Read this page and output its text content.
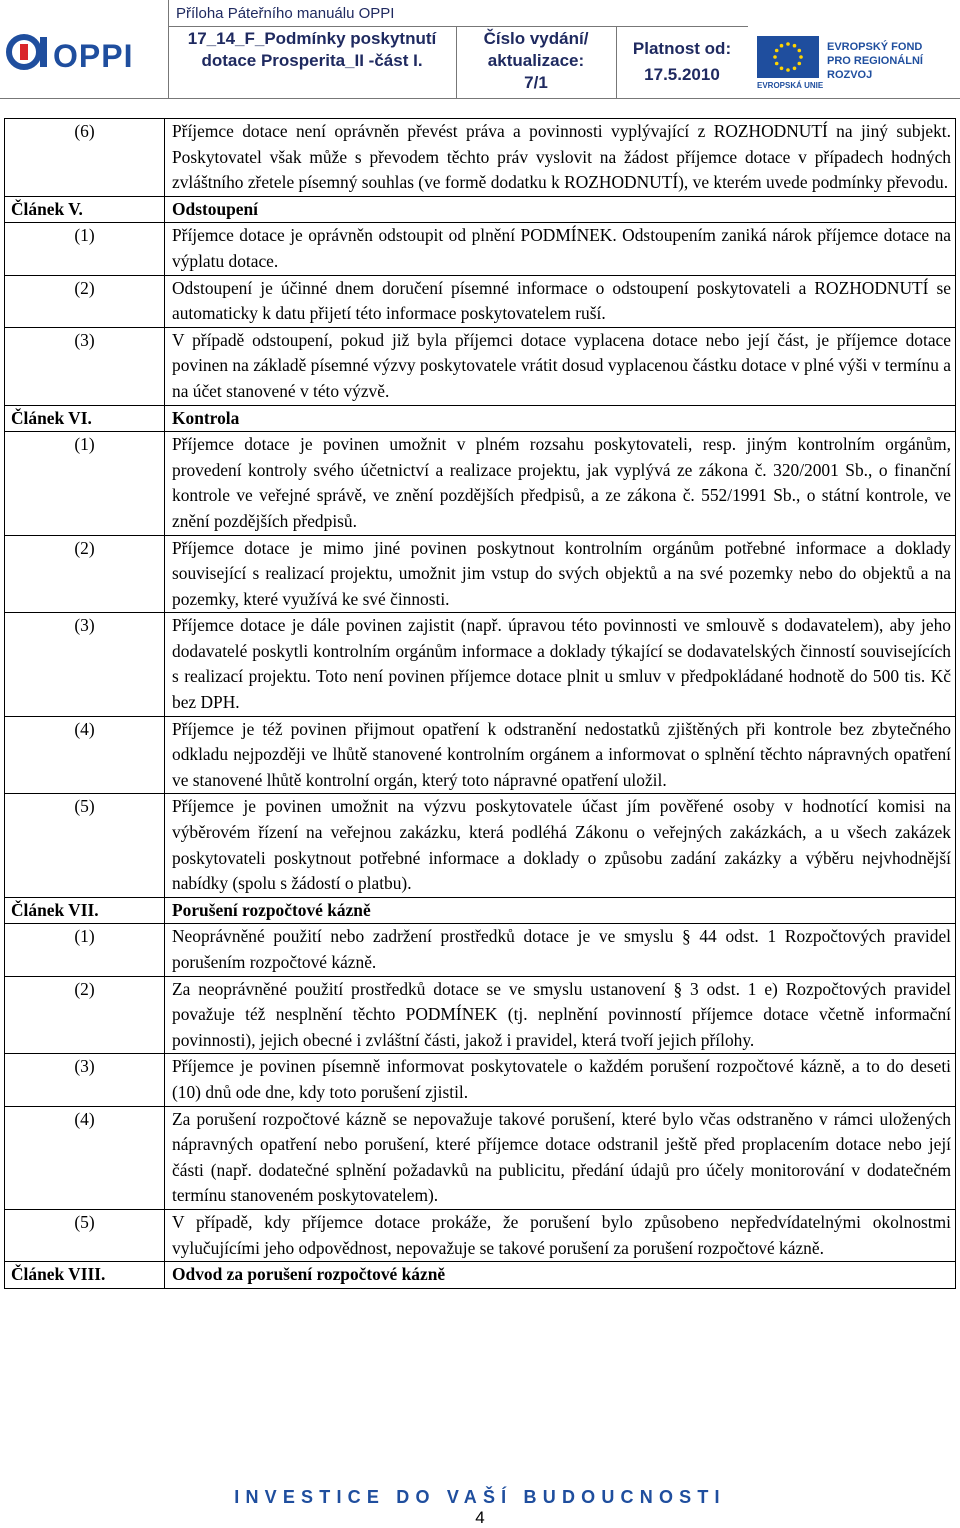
OPPI
Příloha Páteřního manuálu OPPI
17_14_F_Podmínky poskytnutí dotace Prosperita_II -část I.
Číslo vydání/ aktualizace:
7/1
Platnost od:
17.5.2010
EVROPSKÁ UNIE
EVROPSKÝ FOND
PRO REGIONÁLNÍ
ROZVOJ
(6)	Příjemce dotace není oprávněn převést práva a povinnosti vyplývající z ROZHODNUTÍ na jiný subjekt. Poskytovatel však může s převodem těchto práv vyslovit na žádost příjemce dotace v případech hodných zvláštního zřetele písemný souhlas (ve formě dodatku k ROZHODNUTÍ), ve kterém uvede podmínky převodu.
Článek V.	Odstoupení
(1)	Příjemce dotace je oprávněn odstoupit od plnění PODMÍNEK. Odstoupením zaniká nárok příjemce dotace na výplatu dotace.
(2)	Odstoupení je účinné dnem doručení písemné informace o odstoupení poskytovateli a ROZHODNUTÍ se automaticky k datu přijetí této informace poskytovatelem ruší.
(3)	V případě odstoupení, pokud již byla příjemci dotace vyplacena dotace nebo její část, je příjemce dotace povinen na základě písemné výzvy poskytovatele vrátit dosud vyplacenou částku dotace v plné výši v termínu a na účet stanovené v této výzvě.
Článek VI.	Kontrola
(1)	Příjemce dotace je povinen umožnit v plném rozsahu poskytovateli, resp. jiným kontrolním orgánům, provedení kontroly svého účetnictví a realizace projektu, jak vyplývá ze zákona č. 320/2001 Sb., o finanční kontrole ve veřejné správě, ve znění pozdějších předpisů, a ze zákona č. 552/1991 Sb., o státní kontrole, ve znění pozdějších předpisů.
(2)	Příjemce dotace je mimo jiné povinen poskytnout kontrolním orgánům potřebné informace a doklady související s realizací projektu, umožnit jim vstup do svých objektů a na své pozemky nebo do objektů a na pozemky, které využívá ke své činnosti.
(3)	Příjemce dotace je dále povinen zajistit (např. úpravou této povinnosti ve smlouvě s dodavatelem), aby jeho dodavatelé poskytli kontrolním orgánům informace a doklady týkající se dodavatelských činností souvisejících s realizací projektu. Toto není povinen příjemce dotace plnit u smluv v předpokládané hodnotě do 500 tis. Kč bez DPH.
(4)	Příjemce je též povinen přijmout opatření k odstranění nedostatků zjištěných při kontrole bez zbytečného odkladu nejpozději ve lhůtě stanovené kontrolním orgánem a informovat o splnění těchto nápravných opatření ve stanovené lhůtě kontrolní orgán, který toto nápravné opatření uložil.
(5)	Příjemce je povinen umožnit na výzvu poskytovatele účast jím pověřené osoby v hodnotící komisi na výběrovém řízení na veřejnou zakázku, která podléhá Zákonu o veřejných zakázkách, a u všech zakázek poskytovateli poskytnout potřebné informace a doklady o způsobu zadání zakázky a výběru nejvhodnější nabídky (spolu s žádostí o platbu).
Článek VII.	Porušení rozpočtové kázně
(1)	Neoprávněné použití nebo zadržení prostředků dotace je ve smyslu § 44 odst. 1 Rozpočtových pravidel porušením rozpočtové kázně.
(2)	Za neoprávněné použití prostředků dotace se ve smyslu ustanovení § 3 odst. 1 e) Rozpočtových pravidel považuje též nesplnění těchto PODMÍNEK (tj. neplnění povinností příjemce dotace včetně informační povinnosti), jejich obecné i zvláštní části, jakož i pravidel, která tvoří jejich přílohy.
(3)	Příjemce je povinen písemně informovat poskytovatele o každém porušení rozpočtové kázně, a to do deseti (10) dnů ode dne, kdy toto porušení zjistil.
(4)	Za porušení rozpočtové kázně se nepovažuje takové porušení, které bylo včas odstraněno v rámci uložených nápravných opatření nebo porušení, které příjemce dotace odstranil ještě před proplacením dotace nebo její části (např. dodatečné splnění požadavků na publicitu, předání údajů pro účely monitorování v dodatečném termínu stanoveném poskytovatelem).
(5)	V případě, kdy příjemce dotace prokáže, že porušení bylo způsobeno nepředvídatelnými okolnostmi vylučujícími jeho odpovědnost, nepovažuje se takové porušení za porušení rozpočtové kázně.
Článek VIII.	Odvod za porušení rozpočtové kázně
INVESTICE DO VAŠÍ BUDOUCNOSTI
4
